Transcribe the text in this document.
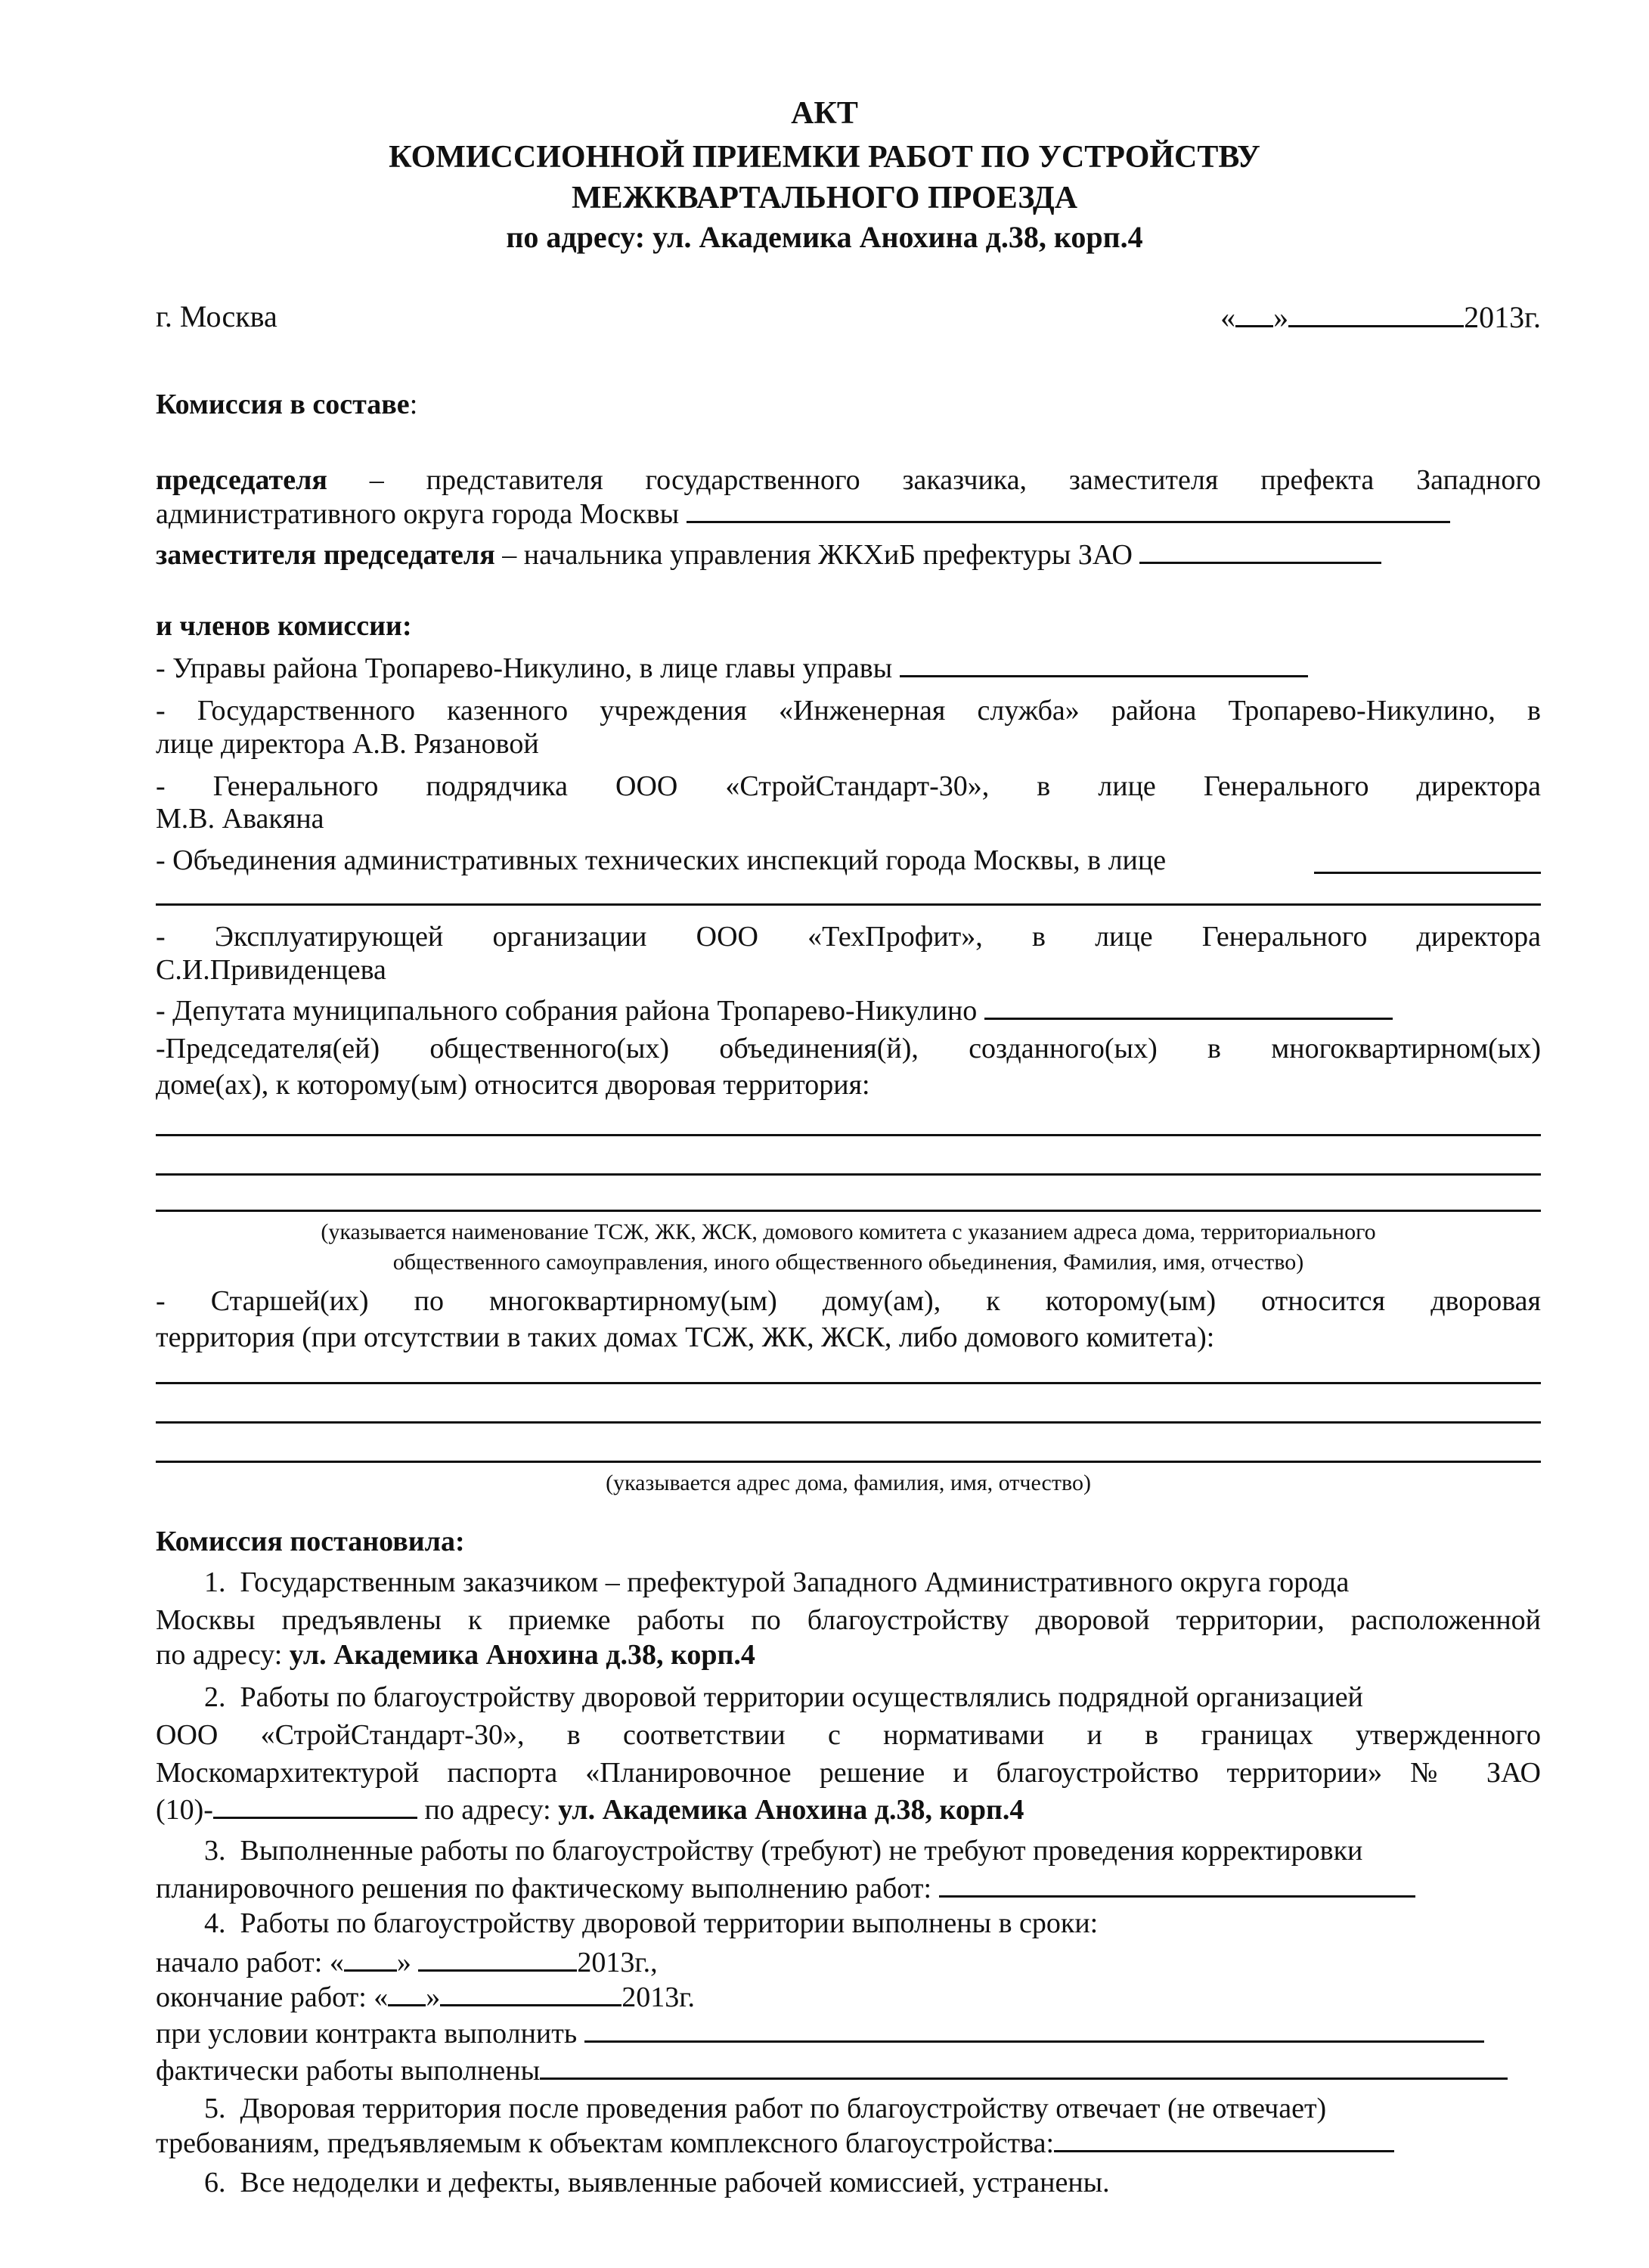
АКТ
КОМИССИОННОЙ ПРИЕМКИ РАБОТ ПО УСТРОЙСТВУ
МЕЖКВАРТАЛЬНОГО ПРОЕЗДА
по адресу: ул. Академика Анохина д.38, корп.4
г. Москва	« »	2013г.
Комиссия в составе:
председателя – представителя государственного заказчика, заместителя префекта Западного
административного округа города Москвы
заместителя председателя – начальника управления ЖКХиБ префектуры ЗАО
и членов комиссии:
- Управы района Тропарево-Никулино, в лице главы управы
- Государственного казенного учреждения «Инженерная служба» района Тропарево-Никулино, в
лице директора А.В. Рязановой
- Генерального подрядчика ООО «СтройСтандарт-30», в лице Генерального директора
М.В. Авакяна
- Объединения административных технических инспекций города Москвы, в лице
- Эксплуатирующей организации ООО «ТехПрофит», в лице Генерального директора
С.И.Привиденцева
- Депутата муниципального собрания района Тропарево-Никулино
-Председателя(ей) общественного(ых) объединения(й), созданного(ых) в многоквартирном(ых)
доме(ах), к которому(ым) относится дворовая территория:
(указывается наименование ТСЖ, ЖК, ЖСК, домового комитета с указанием адреса дома, территориального
общественного самоуправления, иного общественного обьединения, Фамилия, имя, отчество)
- Старшей(их) по многоквартирному(ым) дому(ам), к которому(ым) относится дворовая
территория (при отсутствии в таких домах ТСЖ, ЖК, ЖСК, либо домового комитета):
(указывается адрес дома, фамилия, имя, отчество)
Комиссия постановила:
1. Государственным заказчиком – префектурой Западного Административного округа города
Москвы предъявлены к приемке работы по благоустройству дворовой территории, расположенной
по адресу: ул. Академика Анохина д.38, корп.4
2. Работы по благоустройству дворовой территории осуществлялись подрядной организацией
ООО «СтройСтандарт-30», в соответствии с нормативами и в границах утвержденного
Москомархитектурой паспорта «Планировочное решение и благоустройство территории» № ЗАО
(10)-	по адресу: ул. Академика Анохина д.38, корп.4
3. Выполненные работы по благоустройству (требуют) не требуют проведения корректировки
планировочного решения по фактическому выполнению работ:
4. Работы по благоустройству дворовой территории выполнены в сроки:
начало работ: « »	2013г.,
окончание работ: « »	2013г.
при условии контракта выполнить
фактически работы выполнены
5. Дворовая территория после проведения работ по благоустройству отвечает (не отвечает)
требованиям, предъявляемым к объектам комплексного благоустройства:
6. Все недоделки и дефекты, выявленные рабочей комиссией, устранены.
